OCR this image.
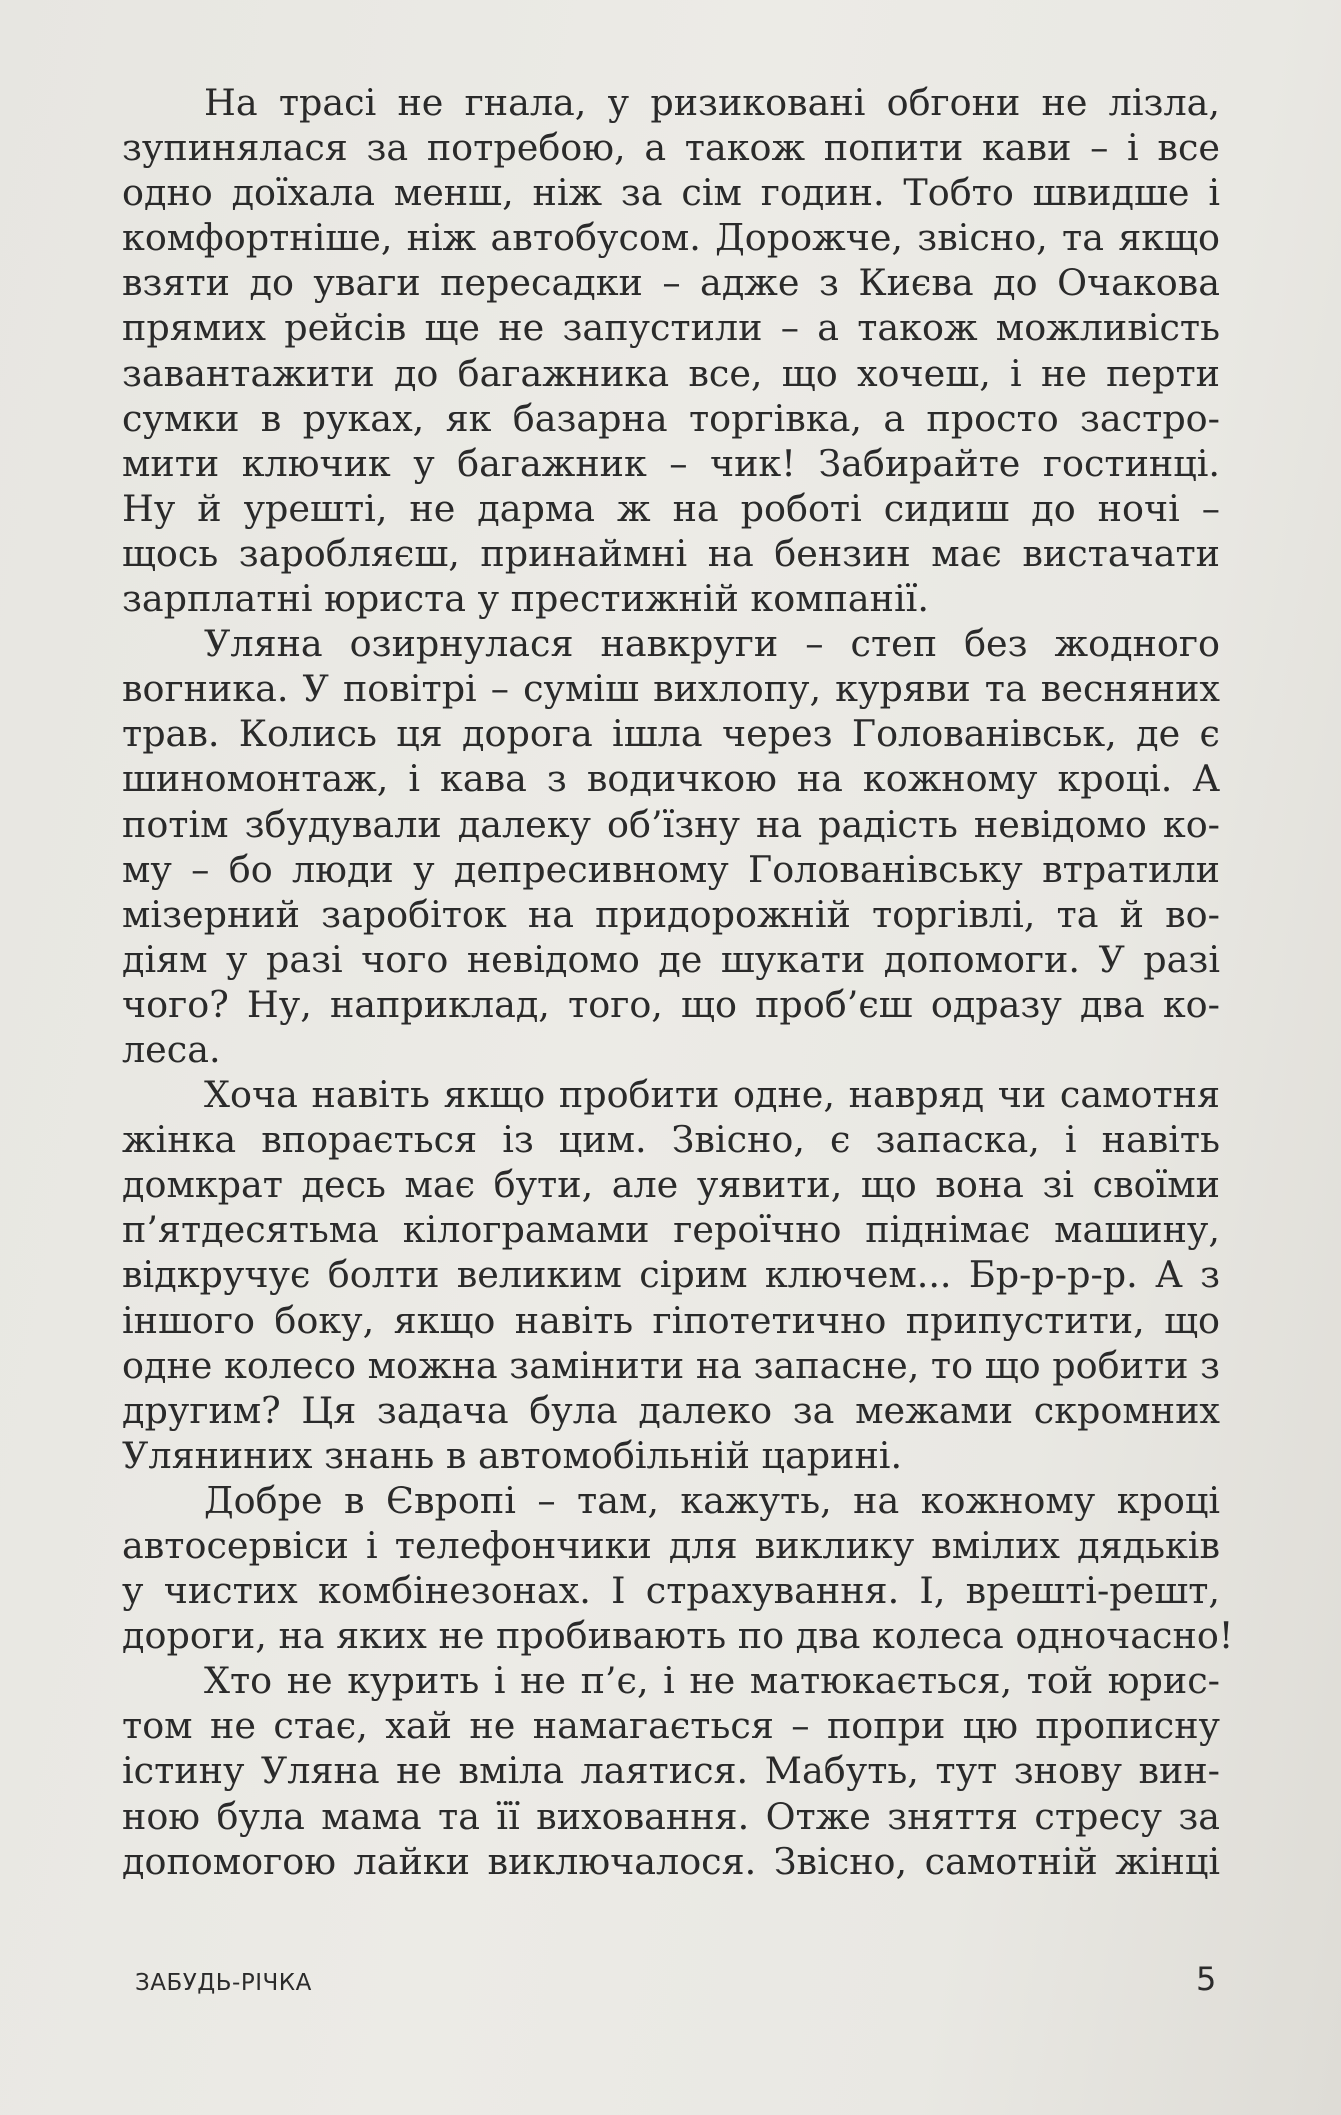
На трасі не гнала, у ризиковані обгони не лізла,
зупинялася за потребою, а також попити кави – і все
одно доїхала менш, ніж за сім годин. Тобто швидше і
комфортніше, ніж автобусом. Дорожче, звісно, та якщо
взяти до уваги пересадки – адже з Києва до Очакова
прямих рейсів ще не запустили – а також можливість
завантажити до багажника все, що хочеш, і не перти
сумки в руках, як базарна торгівка, а просто застро-
мити ключик у багажник – чик! Забирайте гостинці.
Ну й урешті, не дарма ж на роботі сидиш до ночі –
щось заробляєш, принаймні на бензин має вистачати
зарплатні юриста у престижній компанії.
Уляна озирнулася навкруги – степ без жодного
вогника. У повітрі – суміш вихлопу, куряви та весняних
трав. Колись ця дорога ішла через Голованівськ, де є
шиномонтаж, і кава з водичкою на кожному кроці. А
потім збудували далеку об’їзну на радість невідомо ко-
му – бо люди у депресивному Голованівську втратили
мізерний заробіток на придорожній торгівлі, та й во-
діям у разі чого невідомо де шукати допомоги. У разі
чого? Ну, наприклад, того, що проб’єш одразу два ко-
леса.
Хоча навіть якщо пробити одне, навряд чи самотня
жінка впорається із цим. Звісно, є запаска, і навіть
домкрат десь має бути, але уявити, що вона зі своїми
п’ятдесятьма кілограмами героїчно піднімає машину,
відкручує болти великим сірим ключем... Бр-р-р-р. А з
іншого боку, якщо навіть гіпотетично припустити, що
одне колесо можна замінити на запасне, то що робити з
другим? Ця задача була далеко за межами скромних
Уляниних знань в автомобільній царині.
Добре в Європі – там, кажуть, на кожному кроці
автосервіси і телефончики для виклику вмілих дядьків
у чистих комбінезонах. І страхування. І, врешті-решт,
дороги, на яких не пробивають по два колеса одночасно!
Хто не курить і не п’є, і не матюкається, той юрис-
том не стає, хай не намагається – попри цю прописну
істину Уляна не вміла лаятися. Мабуть, тут знову вин-
ною була мама та її виховання. Отже зняття стресу за
допомогою лайки виключалося. Звісно, самотній жінці
ЗАБУДЬ-РІЧКА	5
